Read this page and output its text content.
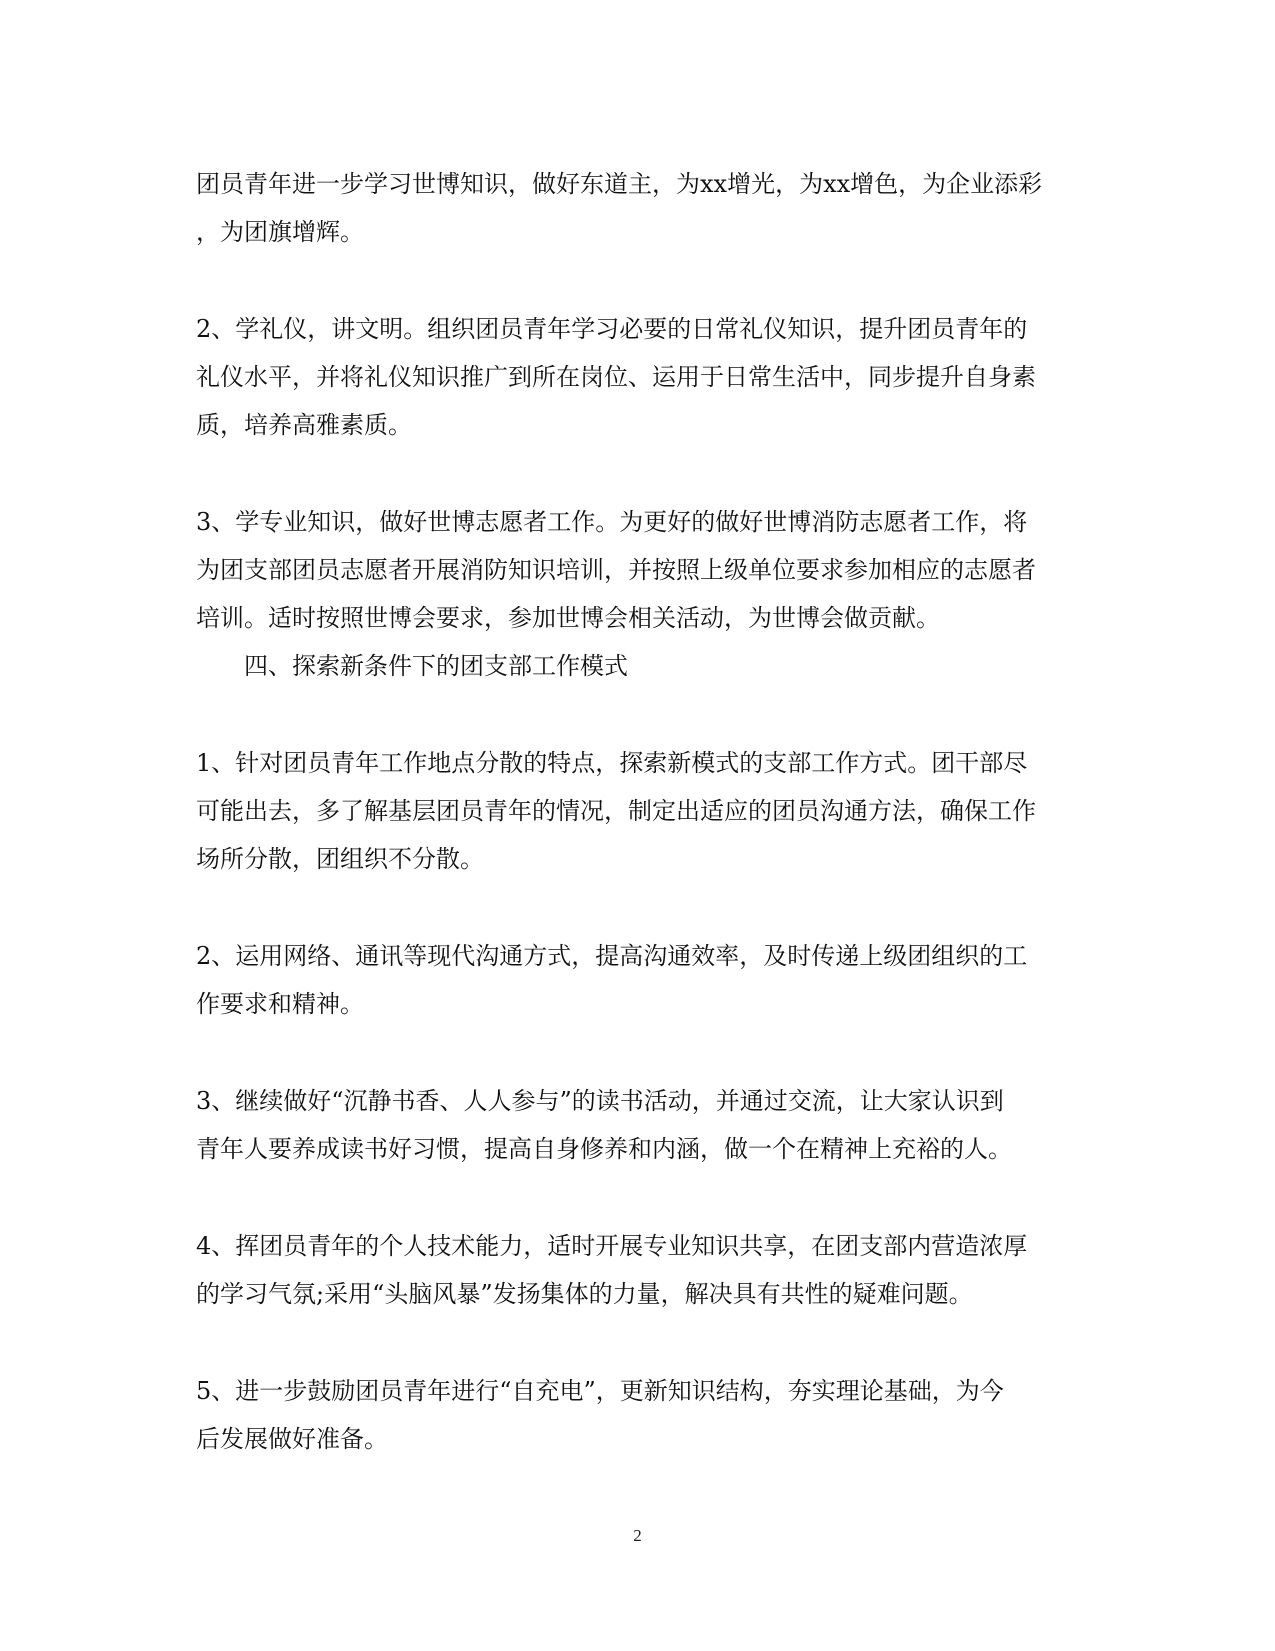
团员青年进一步学习世博知识，做好东道主，为xx增光，为xx增色，为企业添彩
，为团旗增辉。
2、学礼仪，讲文明。组织团员青年学习必要的日常礼仪知识，提升团员青年的
礼仪水平，并将礼仪知识推广到所在岗位、运用于日常生活中，同步提升自身素
质，培养高雅素质。
3、学专业知识，做好世博志愿者工作。为更好的做好世博消防志愿者工作，将
为团支部团员志愿者开展消防知识培训，并按照上级单位要求参加相应的志愿者
培训。适时按照世博会要求，参加世博会相关活动，为世博会做贡献。
四、探索新条件下的团支部工作模式
1、针对团员青年工作地点分散的特点，探索新模式的支部工作方式。团干部尽
可能出去，多了解基层团员青年的情况，制定出适应的团员沟通方法，确保工作
场所分散，团组织不分散。
2、运用网络、通讯等现代沟通方式，提高沟通效率，及时传递上级团组织的工
作要求和精神。
3、继续做好“沉静书香、人人参与”的读书活动，并通过交流，让大家认识到
青年人要养成读书好习惯，提高自身修养和内涵，做一个在精神上充裕的人。
4、挥团员青年的个人技术能力，适时开展专业知识共享，在团支部内营造浓厚
的学习气氛;采用“头脑风暴”发扬集体的力量，解决具有共性的疑难问题。
5、进一步鼓励团员青年进行“自充电”，更新知识结构，夯实理论基础，为今
后发展做好准备。
2
